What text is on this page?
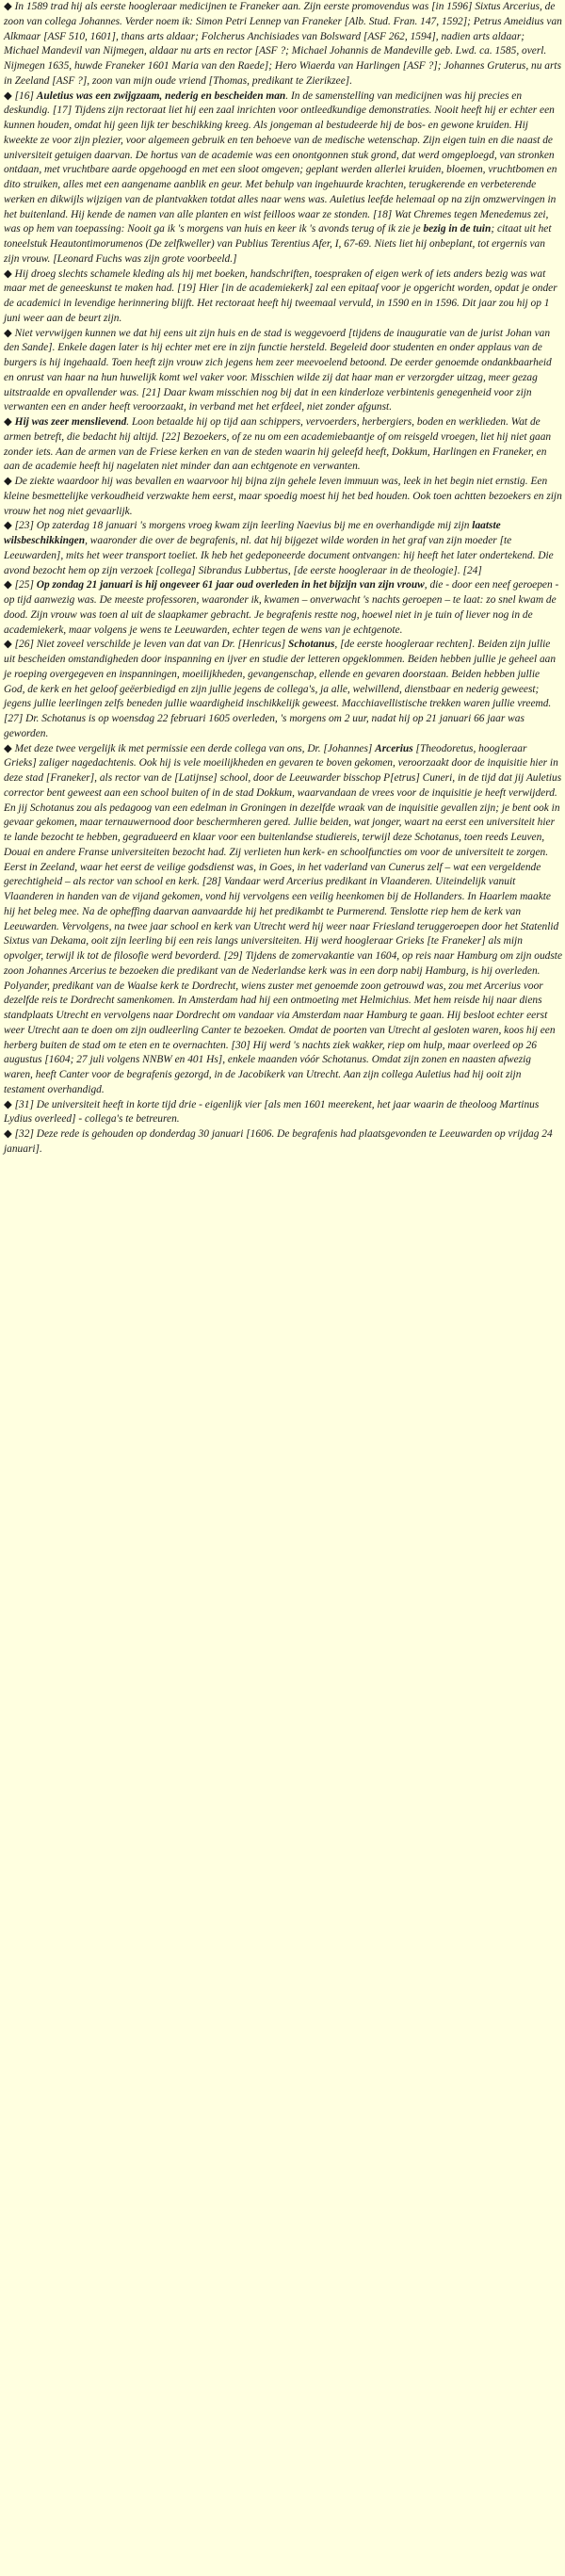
◆ In 1589 trad hij als eerste hoogleraar medicijnen te Franeker aan. Zijn eerste promovendus was [in 1596] Sixtus Arcerius, de zoon van collega Johannes. Verder noem ik: Simon Petri Lennep van Franeker [Alb. Stud. Fran. 147, 1592]; Petrus Ameidius van Alkmaar [ASF 510, 1601], thans arts aldaar; Folcherus Anchisiades van Bolsward [ASF 262, 1594], nadien arts aldaar; Michael Mandevil van Nijmegen, aldaar nu arts en rector [ASF ?; Michael Johannis de Mandeville geb. Lwd. ca. 1585, overl. Nijmegen 1635, huwde Franeker 1601 Maria van den Raede]; Hero Wiaerda van Harlingen [ASF ?]; Johannes Gruterus, nu arts in Zeeland [ASF ?], zoon van mijn oude vriend [Thomas, predikant te Zierikzee].

◆ [16] Auletius was een zwijgzaam, nederig en bescheiden man. In de samenstelling van medicijnen was hij precies en deskundig. [17] Tijdens zijn rectoraat liet hij een zaal inrichten voor ontleedkundige demonstraties. Nooit heeft hij er echter een kunnen houden, omdat hij geen lijk ter beschikking kreeg. Als jongeman al bestudeerde hij de bos- en gewone kruiden. Hij kweekte ze voor zijn plezier, voor algemeen gebruik en ten behoeve van de medische wetenschap. Zijn eigen tuin en die naast de universiteit getuigen daarvan. De hortus van de academie was een onontgonnen stuk grond, dat werd omgeploegd, van stronken ontdaan, met vruchtbare aarde opgehoogd en met een sloot omgeven; geplant werden allerlei kruiden, bloemen, vruchtbomen en dito struiken, alles met een aangename aanblik en geur. Met behulp van ingehuurde krachten, terugkerende en verbeterende werken en dikwijls wijzigen van de plantvakken totdat alles naar wens was. Auletius leefde helemaal op na zijn omzwervingen in het buitenland. Hij kende de namen van alle planten en wist feilloos waar ze stonden. [18] Wat Chremes tegen Menedemus zei, was op hem van toepassing: Nooit ga ik 's morgens van huis en keer ik 's avonds terug of ik zie je bezig in de tuin; citaat uit het toneelstuk Heautontimorumenos (De zelfkweller) van Publius Terentius Afer, I, 67-69. Niets liet hij onbeplant, tot ergernis van zijn vrouw. [Leonard Fuchs was zijn grote voorbeeld.]

◆ Hij droeg slechts schamele kleding als hij met boeken, handschriften, toespraken of eigen werk of iets anders bezig was wat maar met de geneeskunst te maken had. [19] Hier [in de academiekerk] zal een epitaaf voor je opgericht worden, opdat je onder de academici in levendige herinnering blijft. Het rectoraat heeft hij tweemaal vervuld, in 1590 en in 1596. Dit jaar zou hij op 1 juni weer aan de beurt zijn.

◆ Niet vervwijgen kunnen we dat hij eens uit zijn huis en de stad is weggevoerd [tijdens de inauguratie van de jurist Johan van den Sande]. Enkele dagen later is hij echter met ere in zijn functie hersteld. Begeleid door studenten en onder applaus van de burgers is hij ingehaald. Toen heeft zijn vrouw zich jegens hem zeer meevoelend betoond. De eerder genoemde ondankbaarheid en onrust van haar na hun huwelijk komt wel vaker voor. Misschien wilde zij dat haar man er verzorgder uitzag, meer gezag uitstraalde en opvallender was. [21] Daar kwam misschien nog bij dat in een kinderloze verbintenis genegenheid voor zijn verwanten een en ander heeft veroorzaakt, in verband met het erfdeel, niet zonder afgunst.

◆ Hij was zeer menslievend. Loon betaalde hij op tijd aan schippers, vervoerders, herbergiers, boden en werklieden. Wat de armen betreft, die bedacht hij altijd. [22] Bezoekers, of ze nu om een academiebaantje of om reisgeld vroegen, liet hij niet gaan zonder iets. Aan de armen van de Friese kerken en van de steden waarin hij geleefd heeft, Dokkum, Harlingen en Franeker, en aan de academie heeft hij nagelaten niet minder dan aan echtgenote en verwanten.

◆ De ziekte waardoor hij was bevallen en waarvoor hij bijna zijn gehele leven immuun was, leek in het begin niet ernstig. Een kleine besmettelijke verkoudheid verzwakte hem eerst, maar spoedig moest hij het bed houden. Ook toen achtten bezoekers en zijn vrouw het nog niet gevaarlijk.

◆ [23] Op zaterdag 18 januari 's morgens vroeg kwam zijn leerling Naevius bij me en overhandigde mij zijn laatste wilsbeschikkingen, waaronder die over de begrafenis, nl. dat hij bijgezet wilde worden in het graf van zijn moeder [te Leeuwarden], mits het weer transport toeliet. Ik heb het gedeponeerde document ontvangen: hij heeft het later ondertekend. Die avond bezocht hem op zijn verzoek [collega] Sibrandus Lubbertus, [de eerste hoogleraar in de theologie]. [24]

◆ [25] Op zondag 21 januari is hij ongeveer 61 jaar oud overleden in het bijzijn van zijn vrouw, die - door een neef geroepen - op tijd aanwezig was. De meeste professoren, waaronder ik, kwamen – onverwacht 's nachts geroepen – te laat: zo snel kwam de dood. Zijn vrouw was toen al uit de slaapkamer gebracht. Je begrafenis restte nog, hoewel niet in je tuin of liever nog in de academiekerk, maar volgens je wens te Leeuwarden, echter tegen de wens van je echtgenote.

◆ [26] Niet zoveel verschilde je leven van dat van Dr. [Henricus] Schotanus, [de eerste hoogleraar rechten]. Beiden zijn jullie uit bescheiden omstandigheden door inspanning en ijver en studie der letteren opgeklommen. Beiden hebben jullie je geheel aan je roeping overgegeven en inspanningen, moeilijkheden, gevangenschap, ellende en gevaren doorstaan. Beiden hebben jullie God, de kerk en het geloof geëerbiedigd en zijn jullie jegens de collega's, ja alle, welwillend, dienstbaar en nederig geweest; jegens jullie leerlingen zelfs beneden jullie waardigheid inschikkelijk geweest. Macchiavellistische trekken waren jullie vreemd. [27] Dr. Schotanus is op woensdag 22 februari 1605 overleden, 's morgens om 2 uur, nadat hij op 21 januari 66 jaar was geworden.

◆ Met deze twee vergelijk ik met permissie een derde collega van ons, Dr. [Johannes] Arcerius [Theodoretus, hoogleraar Grieks] zaliger nagedachtenis. Ook hij is vele moeilijkheden en gevaren te boven gekomen, veroorzaakt door de inquisitie hier in deze stad [Franeker], als rector van de [Latijnse] school, door de Leeuwarder bisschop P[etrus] Cuneri, in de tijd dat jij Auletius corrector bent geweest aan een school buiten of in de stad Dokkum, waarvandaan de vrees voor de inquisitie je heeft verwijderd. En jij Schotanus zou als pedagoog van een edelman in Groningen in dezelfde wraak van de inquisitie gevallen zijn; je bent ook in gevaar gekomen, maar ternauwernood door beschermheren gered. Jullie beiden, wat jonger, waart na eerst een universiteit hier te lande bezocht te hebben, gegradueerd en klaar voor een buitenlandse studiereis, terwijl deze Schotanus, toen reeds Leuven, Douai en andere Franse universiteiten bezocht had. Zij verlieten hun kerk- en schoolfuncties om voor de universiteit te zorgen. Eerst in Zeeland, waar het eerst de veilige godsdienst was, in Goes, in het vaderland van Cunerus zelf – wat een vergeldende gerechtigheid – als rector van school en kerk. [28] Vandaar werd Arcerius predikant in Vlaanderen. Uiteindelijk vanuit Vlaanderen in handen van de vijand gekomen, vond hij vervolgens een veilig heenkomen bij de Hollanders. In Haarlem maakte hij het beleg mee. Na de opheffing daarvan aanvaardde hij het predikambt te Purmerend. Tenslotte riep hem de kerk van Leeuwarden. Vervolgens, na twee jaar school en kerk van Utrecht werd hij weer naar Friesland teruggeroepen door het Statenlid Sixtus van Dekama, ooit zijn leerling bij een reis langs universiteiten. Hij werd hoogleraar Grieks [te Franeker] als mijn opvolger, terwijl ik tot de filosofie werd bevorderd. [29] Tijdens de zomervakantie van 1604, op reis naar Hamburg om zijn oudste zoon Johannes Arcerius te bezoeken die predikant van de Nederlandse kerk was in een dorp nabij Hamburg, is hij overleden. Polyander, predikant van de Waalse kerk te Dordrecht, wiens zuster met genoemde zoon getrouwd was, zou met Arcerius voor dezelfde reis te Dordrecht samenkomen. In Amsterdam had hij een ontmoeting met Helmichius. Met hem reisde hij naar diens standplaats Utrecht en vervolgens naar Dordrecht om vandaar via Amsterdam naar Hamburg te gaan. Hij besloot echter eerst weer Utrecht aan te doen om zijn oudleerling Canter te bezoeken. Omdat de poorten van Utrecht al gesloten waren, koos hij een herberg buiten de stad om te eten en te overnachten. [30] Hij werd 's nachts ziek wakker, riep om hulp, maar overleed op 26 augustus [1604; 27 juli volgens NNBW en 401 Hs], enkele maanden vóór Schotanus. Omdat zijn zonen en naasten afwezig waren, heeft Canter voor de begrafenis gezorgd, in de Jacobikerk van Utrecht. Aan zijn collega Auletius had hij ooit zijn testament overhandigd.

◆ [31] De universiteit heeft in korte tijd drie - eigenlijk vier [als men 1601 meerekent, het jaar waarin de theoloog Martinus Lydius overleed] - collega's te betreuren.

◆ [32] Deze rede is gehouden op donderdag 30 januari [1606. De begrafenis had plaatsgevonden te Leeuwarden op vrijdag 24 januari].
